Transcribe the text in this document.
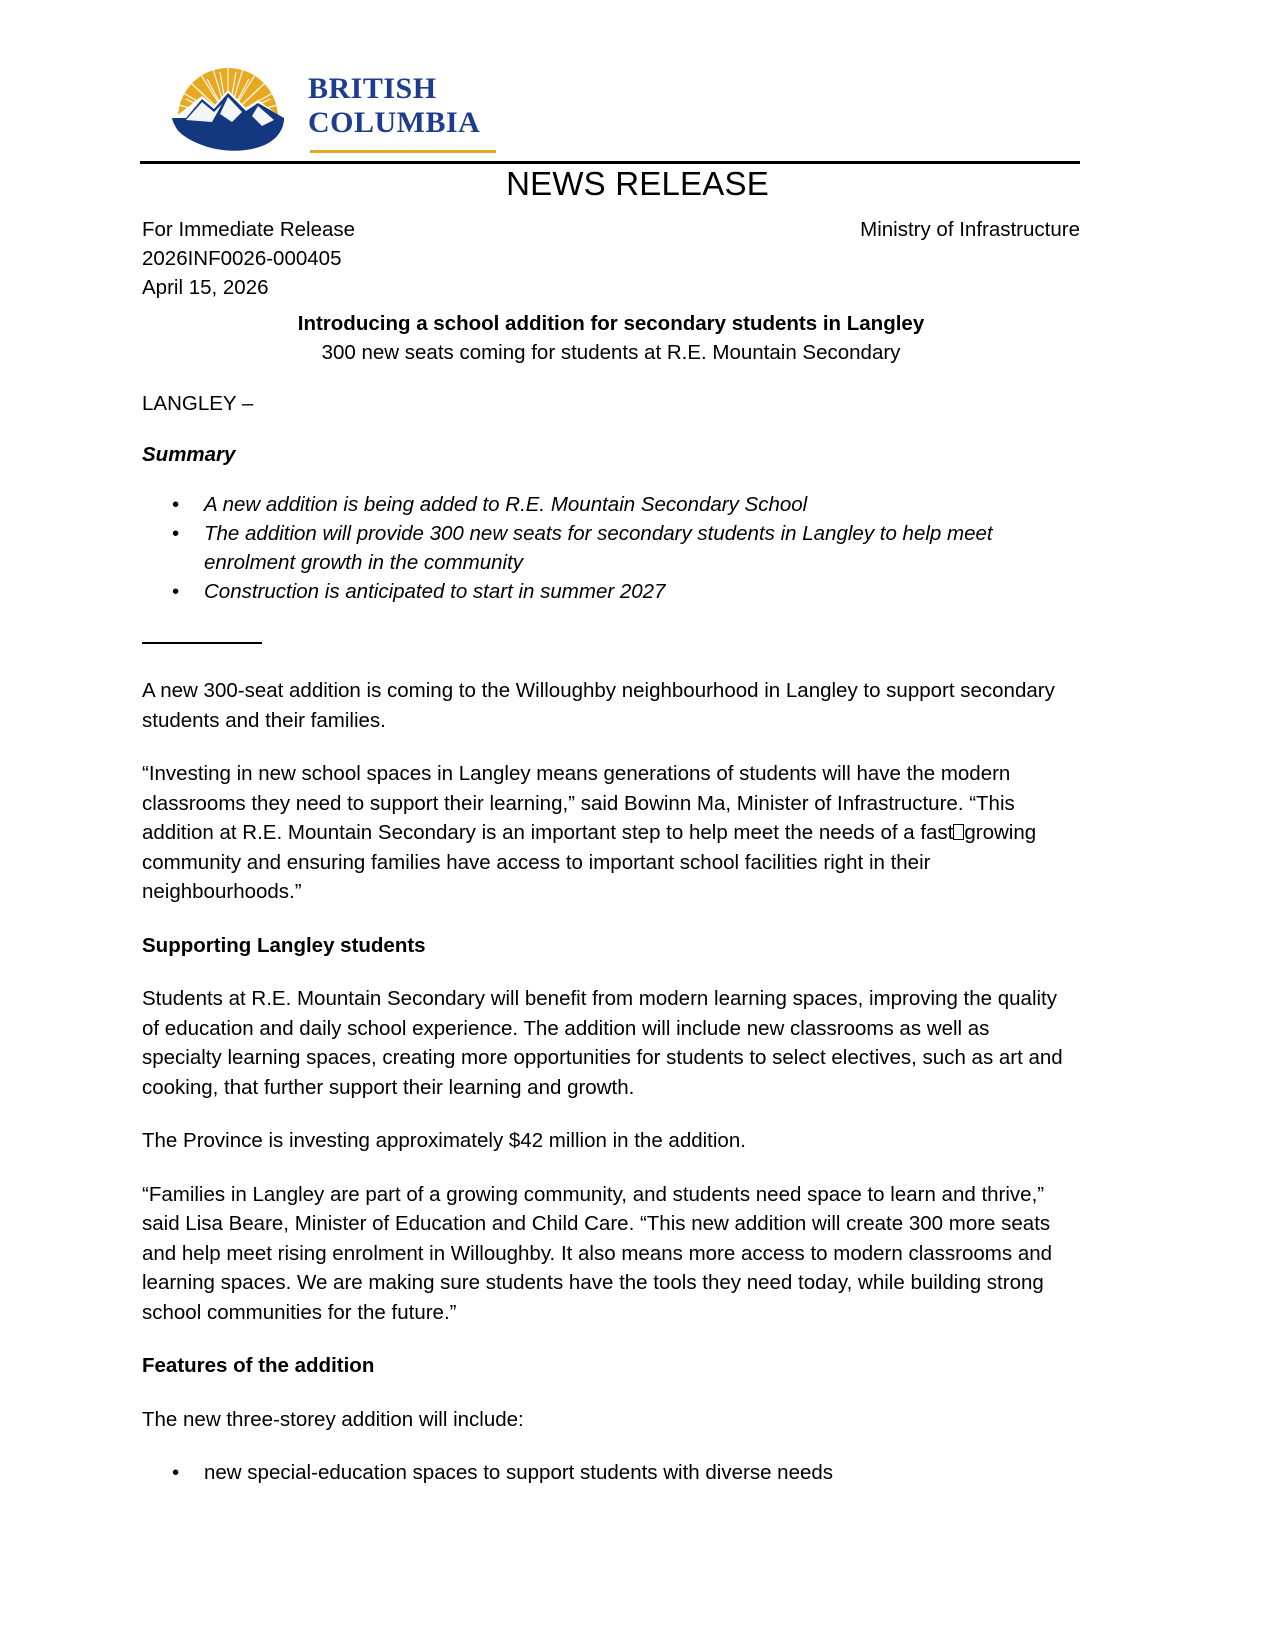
BRITISH
COLUMBIA
NEWS RELEASE
For Immediate Release	Ministry of Infrastructure
2026INF0026-000405
April 15, 2026
Introducing a school addition for secondary students in Langley
300 new seats coming for students at R.E. Mountain Secondary
LANGLEY –
Summary
• A new addition is being added to R.E. Mountain Secondary School
• The addition will provide 300 new seats for secondary students in Langley to help meet enrolment growth in the community
• Construction is anticipated to start in summer 2027

A new 300-seat addition is coming to the Willoughby neighbourhood in Langley to support secondary students and their families.

“Investing in new school spaces in Langley means generations of students will have the modern classrooms they need to support their learning,” said Bowinn Ma, Minister of Infrastructure. “This addition at R.E. Mountain Secondary is an important step to help meet the needs of a fast growing community and ensuring families have access to important school facilities right in their neighbourhoods.”

Supporting Langley students

Students at R.E. Mountain Secondary will benefit from modern learning spaces, improving the quality of education and daily school experience. The addition will include new classrooms as well as specialty learning spaces, creating more opportunities for students to select electives, such as art and cooking, that further support their learning and growth.

The Province is investing approximately $42 million in the addition.

“Families in Langley are part of a growing community, and students need space to learn and thrive,” said Lisa Beare, Minister of Education and Child Care. “This new addition will create 300 more seats and help meet rising enrolment in Willoughby. It also means more access to modern classrooms and learning spaces. We are making sure students have the tools they need today, while building strong school communities for the future.”

Features of the addition

The new three-storey addition will include:

• new special-education spaces to support students with diverse needs
